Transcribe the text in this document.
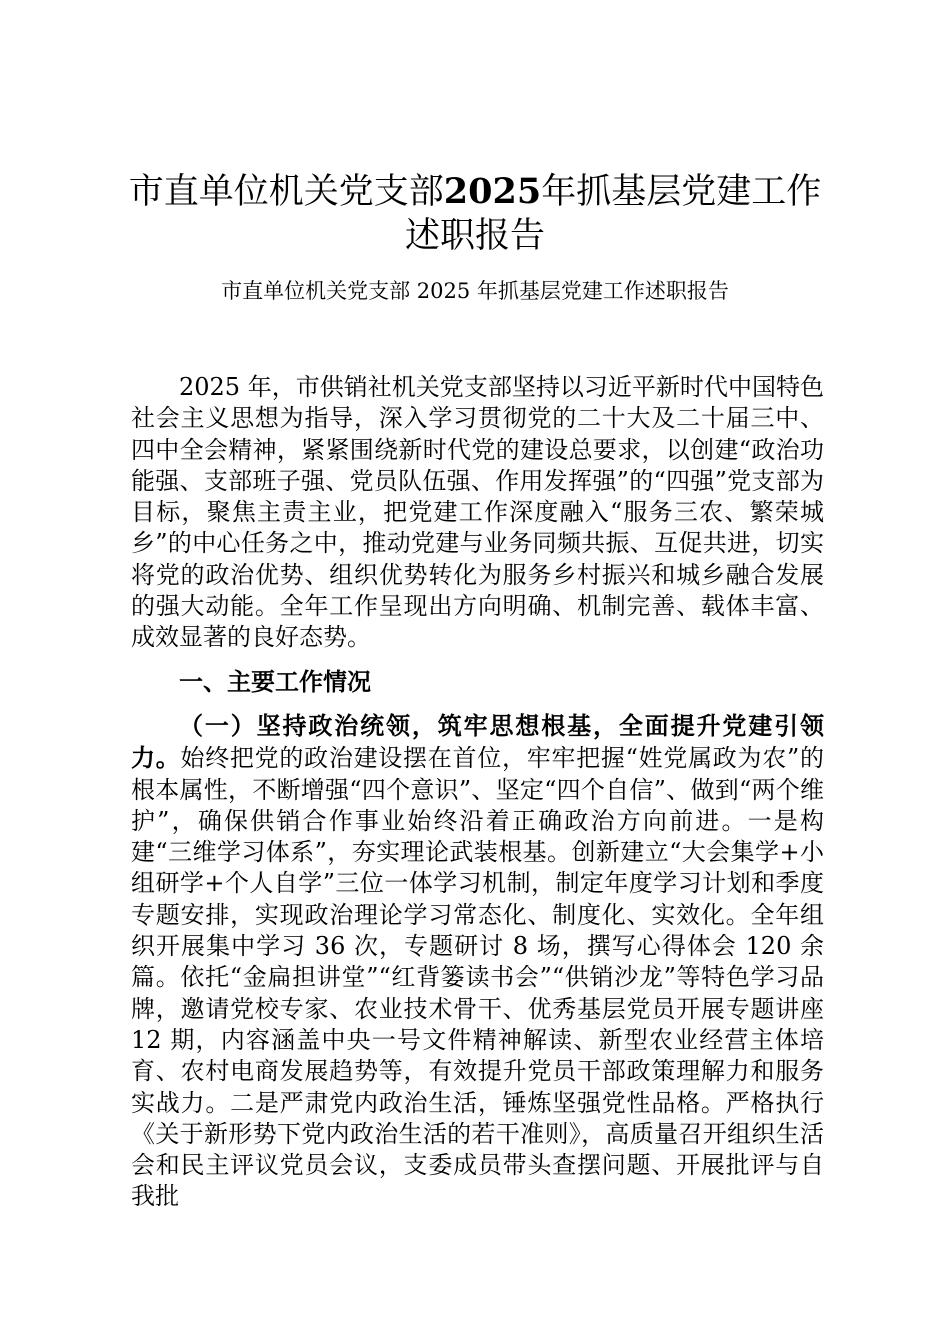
市直单位机关党支部2025年抓基层党建工作
述职报告

市直单位机关党支部 2025 年抓基层党建工作述职报告

2025 年，市供销社机关党支部坚持以习近平新时代中国特色社会主义思想为指导，深入学习贯彻党的二十大及二十届三中、四中全会精神，紧紧围绕新时代党的建设总要求，以创建“政治功能强、支部班子强、党员队伍强、作用发挥强”的“四强”党支部为目标，聚焦主责主业，把党建工作深度融入“服务三农、繁荣城乡”的中心任务之中，推动党建与业务同频共振、互促共进，切实将党的政治优势、组织优势转化为服务乡村振兴和城乡融合发展的强大动能。全年工作呈现出方向明确、机制完善、载体丰富、成效显著的良好态势。

一、主要工作情况

（一）坚持政治统领，筑牢思想根基，全面提升党建引领力。始终把党的政治建设摆在首位，牢牢把握“姓党属政为农”的根本属性，不断增强“四个意识”、坚定“四个自信”、做到“两个维护”，确保供销合作事业始终沿着正确政治方向前进。一是构建“三维学习体系”，夯实理论武装根基。创新建立“大会集学+小组研学+个人自学”三位一体学习机制，制定年度学习计划和季度专题安排，实现政治理论学习常态化、制度化、实效化。全年组织开展集中学习 36 次，专题研讨 8 场，撰写心得体会 120 余篇。依托“金扁担讲堂”“红背篓读书会”“供销沙龙”等特色学习品牌，邀请党校专家、农业技术骨干、优秀基层党员开展专题讲座 12 期，内容涵盖中央一号文件精神解读、新型农业经营主体培育、农村电商发展趋势等，有效提升党员干部政策理解力和服务实战力。二是严肃党内政治生活，锤炼坚强党性品格。严格执行《关于新形势下党内政治生活的若干准则》，高质量召开组织生活会和民主评议党员会议，支委成员带头查摆问题、开展批评与自我批
